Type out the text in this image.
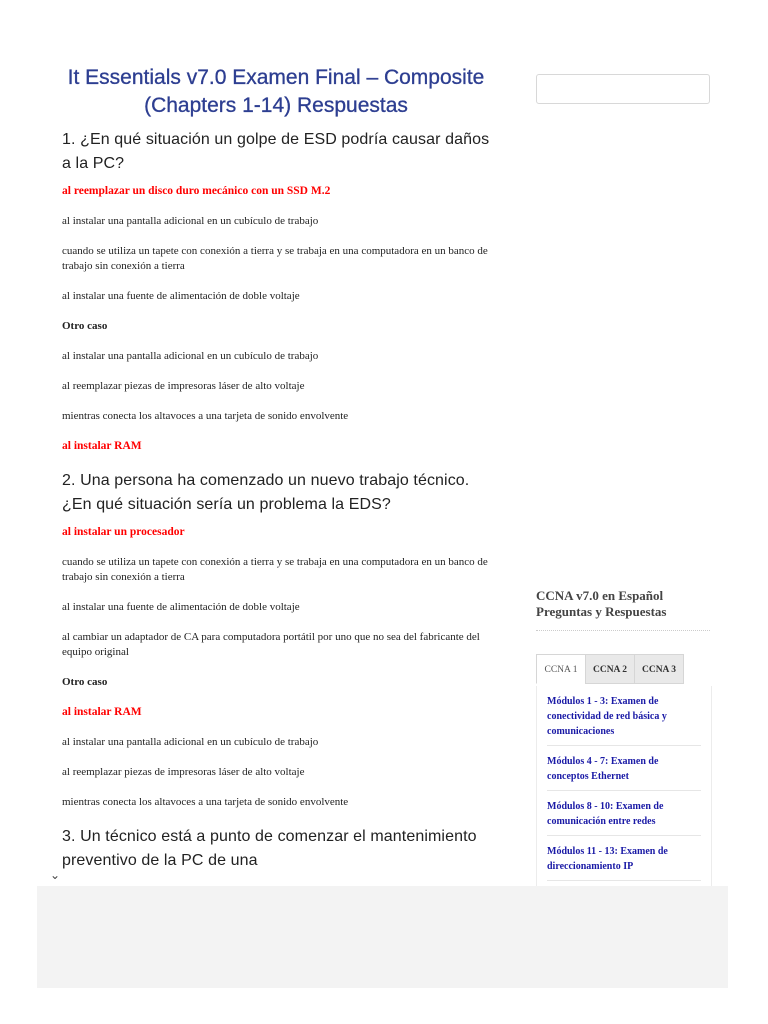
It Essentials v7.0 Examen Final – Composite (Chapters 1-14) Respuestas
1. ¿En qué situación un golpe de ESD podría causar daños a la PC?

al reemplazar un disco duro mecánico con un SSD M.2

al instalar una pantalla adicional en un cubículo de trabajo

cuando se utiliza un tapete con conexión a tierra y se trabaja en una computadora en un banco de trabajo sin conexión a tierra

al instalar una fuente de alimentación de doble voltaje

Otro caso

al instalar una pantalla adicional en un cubículo de trabajo

al reemplazar piezas de impresoras láser de alto voltaje

mientras conecta los altavoces a una tarjeta de sonido envolvente

al instalar RAM

2. Una persona ha comenzado un nuevo trabajo técnico. ¿En qué situación sería un problema la EDS?

al instalar un procesador

cuando se utiliza un tapete con conexión a tierra y se trabaja en una computadora en un banco de trabajo sin conexión a tierra

al instalar una fuente de alimentación de doble voltaje

al cambiar un adaptador de CA para computadora portátil por uno que no sea del fabricante del equipo original

Otro caso

al instalar RAM

al instalar una pantalla adicional en un cubículo de trabajo

al reemplazar piezas de impresoras láser de alto voltaje

mientras conecta los altavoces a una tarjeta de sonido envolvente

3. Un técnico está a punto de comenzar el mantenimiento preventivo de la PC de una
CCNA v7.0 en Español Preguntas y Respuestas
CCNA 1	CCNA 2	CCNA 3
Módulos 1 - 3: Examen de conectividad de red básica y comunicaciones
Módulos 4 - 7: Examen de conceptos Ethernet
Módulos 8 - 10: Examen de comunicación entre redes
Módulos 11 - 13: Examen de direccionamiento IP
⌄
